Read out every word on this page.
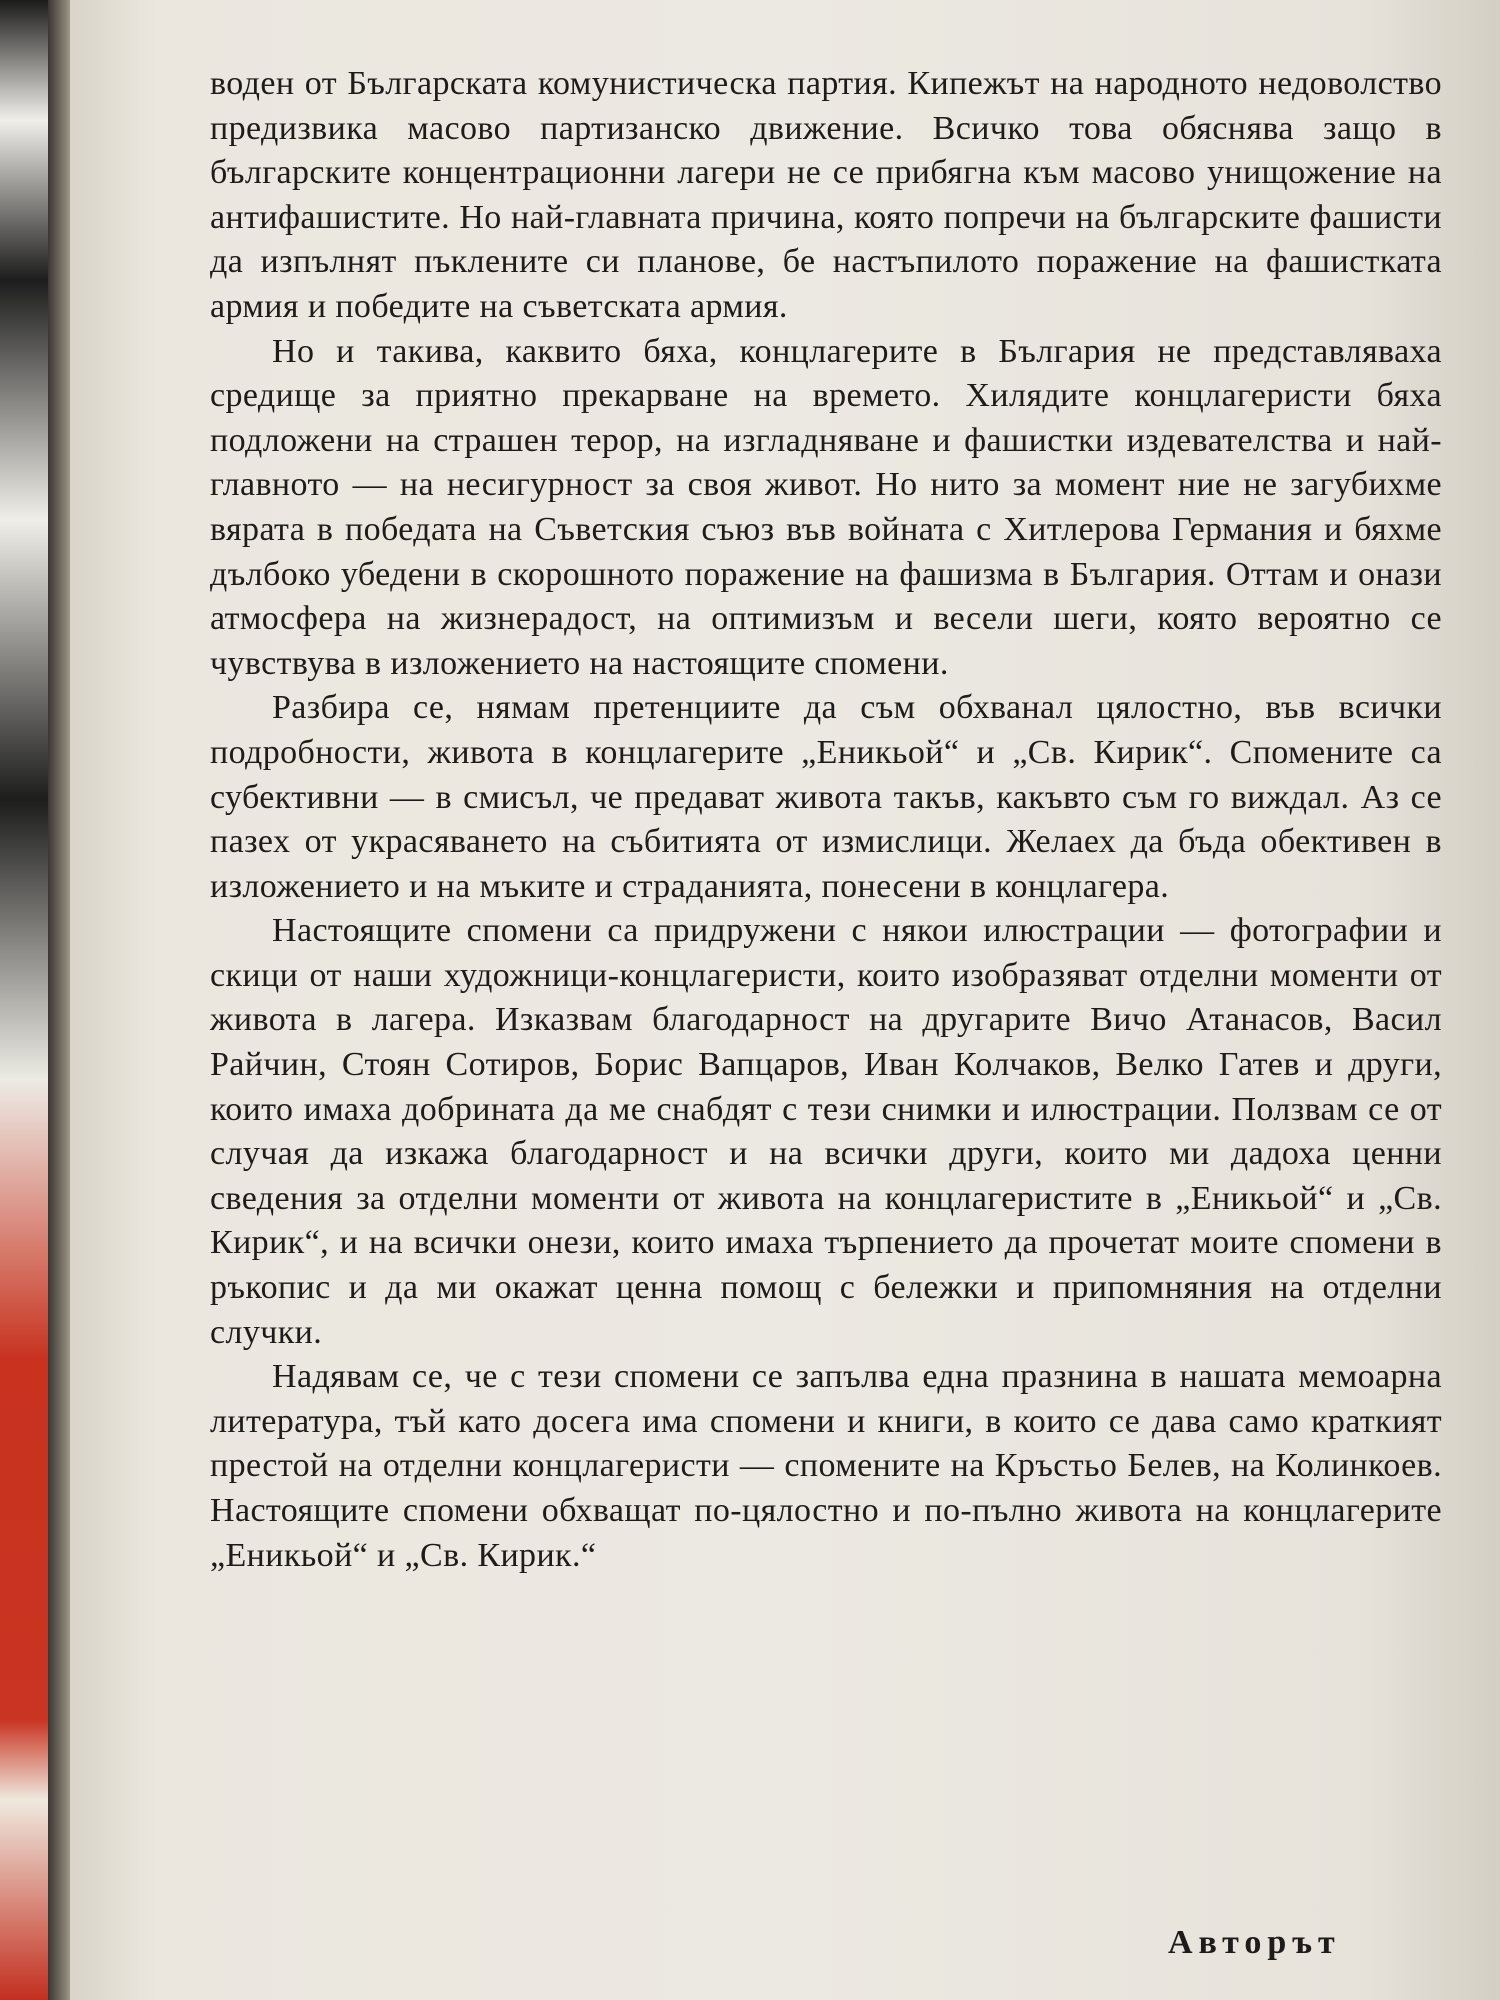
воден от Българската комунистическа партия. Кипежът на народното недоволство предизвика масово партизанско движение. Всичко това обяснява защо в българските концентрационни лагери не се прибягна към масово унищожение на антифашистите. Но най-главната причина, която попречи на българските фашисти да изпълнят пъклените си планове, бе настъпилото поражение на фашистката армия и победите на съветската армия.

Но и такива, каквито бяха, концлагерите в България не представляваха средище за приятно прекарване на времето. Хилядите концлагеристи бяха подложени на страшен терор, на изгладняване и фашистки издевателства и най-главното — на несигурност за своя живот. Но нито за момент ние не загубихме вярата в победата на Съветския съюз във войната с Хитлерова Германия и бяхме дълбоко убедени в скорошното поражение на фашизма в България. Оттам и онази атмосфера на жизнерадост, на оптимизъм и весели шеги, която вероятно се чувствува в изложението на настоящите спомени.

Разбира се, нямам претенциите да съм обхванал цялостно, във всички подробности, живота в концлагерите „Еникьой“ и „Св. Кирик“. Спомените са субективни — в смисъл, че предават живота такъв, какъвто съм го виждал. Аз се пазех от украсяването на събитията от измислици. Желаех да бъда обективен в изложението и на мъките и страданията, понесени в концлагера.

Настоящите спомени са придружени с някои илюстрации — фотографии и скици от наши художници-концлагеристи, които изобразяват отделни моменти от живота в лагера. Изказвам благодарност на другарите Вичо Атанасов, Васил Райчин, Стоян Сотиров, Борис Вапцаров, Иван Колчаков, Велко Гатев и други, които имаха добрината да ме снабдят с тези снимки и илюстрации. Ползвам се от случая да изкажа благодарност и на всички други, които ми дадоха ценни сведения за отделни моменти от живота на концлагеристите в „Еникьой“ и „Св. Кирик“, и на всички онези, които имаха търпението да прочетат моите спомени в ръкопис и да ми окажат ценна помощ с бележки и припомняния на отделни случки.

Надявам се, че с тези спомени се запълва една празнина в нашата мемоарна литература, тъй като досега има спомени и книги, в които се дава само краткият престой на отделни концлагеристи — спомените на Кръстьо Белев, на Колинкоев. Настоящите спомени обхващат по-цялостно и по-пълно живота на концлагерите „Еникьой“ и „Св. Кирик.“

Авторът
